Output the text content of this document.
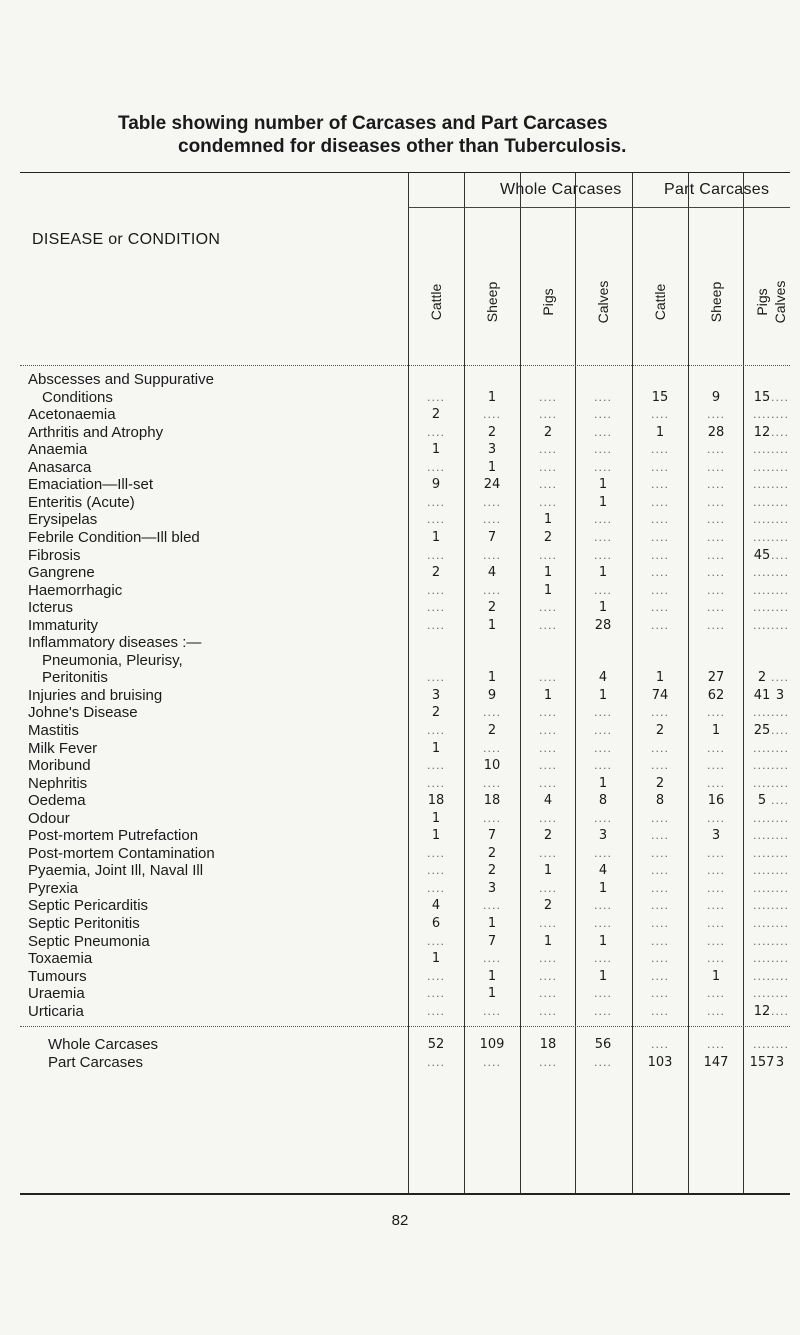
Table showing number of Carcases and Part Carcases
condemned for diseases other than Tuberculosis.
DISEASE or CONDITION
Whole Carcases	Part Carcases
Cattle	Sheep	Pigs	Calves	Cattle	Sheep Pigs Calves
Abscesses and Suppurative
Conditions	....	1	....	....	15	9	15 ....
Acetonaemia	2	....	....	....	....	....	.... ....
Arthritis and Atrophy	....	2	2	....	1	28	12 ....
Anaemia	1	3	....	....	....	....	.... ....
Anasarca	....	1	....	....	....	....	.... ....
Emaciation—Ill-set	9	24	....	1	....	....	.... ....
Enteritis (Acute)	....	....	....	1	....	....	.... ....
Erysipelas	....	....	1	....	....	....	.... ....
Febrile Condition—Ill bled	1	7	2	....	....	....	.... ....
Fibrosis	....	....	....	....	....	....	45 ....
Gangrene	2	4	1	1	....	....	.... ....
Haemorrhagic	....	....	1	....	....	....	.... ....
Icterus	....	2	....	1	....	....	.... ....
Immaturity	....	1	....	28	....	....	.... ....
Inflammatory diseases :—
Pneumonia, Pleurisy,
Peritonitis	....	1	....	4	1	27	2 ....
Injuries and bruising	3	9	1	1	74	62	41 3
Johne's Disease	2	....	....	....	....	....	.... ....
Mastitis	....	2	....	....	2	1	25 ....
Milk Fever	1	....	....	....	....	....	.... ....
Moribund	....	10	....	....	....	....	.... ....
Nephritis	....	....	....	1	2	....	.... ....
Oedema	18	18	4	8	8	16	5 ....
Odour	1	....	....	....	....	....	.... ....
Post-mortem Putrefaction	1	7	2	3	....	3	.... ....
Post-mortem Contamination	....	2	....	....	....	....	.... ....
Pyaemia, Joint Ill, Naval Ill	....	2	1	4	....	....	.... ....
Pyrexia	....	3	....	1	....	....	.... ....
Septic Pericarditis	4	....	2	....	....	....	.... ....
Septic Peritonitis	6	1	....	....	....	....	.... ....
Septic Pneumonia	....	7	1	1	....	....	.... ....
Toxaemia	1	....	....	....	....	....	.... ....
Tumours	....	1	....	1	....	1	.... ....
Uraemia	....	1	....	....	....	....	.... ....
Urticaria	....	....	....	....	....	....	12 ....
Whole Carcases	52	109	18	56	....	....	.... ....
Part Carcases	....	....	....	....	103	147	157 3
82
